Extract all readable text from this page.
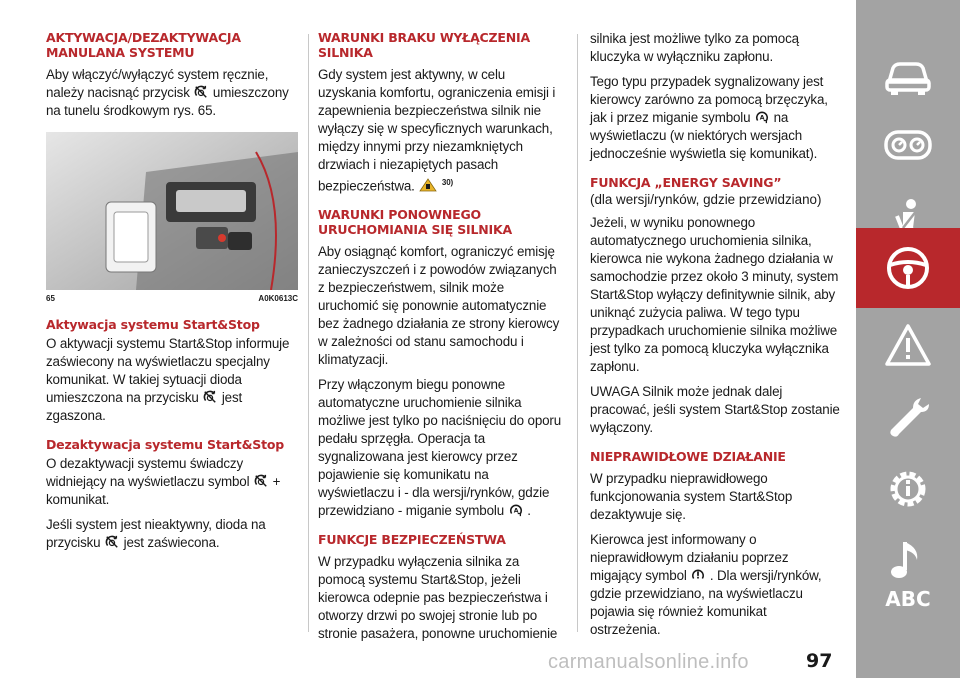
AKTYWACJA/DEZAKTYWACJA MANULANA SYSTEMU

Aby włączyć/wyłączyć system ręcznie, należy nacisnąć przycisk umieszczony na tunelu środkowym rys. 65.

65	A0K0613C
Aktywacja systemu Start&Stop

O aktywacji systemu Start&Stop informuje zaświecony na wyświetlaczu specjalny komunikat. W takiej sytuacji dioda umieszczona na przycisku jest zgaszona.

Dezaktywacja systemu Start&Stop

O dezaktywacji systemu świadczy widniejący na wyświetlaczu symbol + komunikat.

Jeśli system jest nieaktywny, dioda na przycisku jest zaświecona.

WARUNKI BRAKU WYŁĄCZENIA SILNIKA

Gdy system jest aktywny, w celu uzyskania komfortu, ograniczenia emisji i zapewnienia bezpieczeństwa silnik nie wyłączy się w specyficznych warunkach, między innymi przy niezamkniętych drzwiach i niezapiętych pasach bezpieczeństwa.	$^{30)}$

WARUNKI PONOWNEGO URUCHOMIANIA SIĘ SILNIKA

Aby osiągnąć komfort, ograniczyć emisję zanieczyszczeń i z powodów związanych z bezpieczeństwem, silnik może uruchomić się ponownie automatycznie bez żadnego działania ze strony kierowcy w zależności od stanu samochodu i klimatyzacji.

Przy włączonym biegu ponowne automatyczne uruchomienie silnika możliwe jest tylko po naciśnięciu do oporu pedału sprzęgła. Operacja ta sygnalizowana jest kierowcy przez pojawienie się komunikatu na wyświetlaczu i - dla wersji/rynków, gdzie przewidziano - miganie symbolu A .

FUNKCJE BEZPIECZEŃSTWA

W przypadku wyłączenia silnika za pomocą systemu Start&Stop, jeżeli kierowca odepnie pas bezpieczeństwa i otworzy drzwi po swojej stronie lub po stronie pasażera, ponowne uruchomienie

silnika jest możliwe tylko za pomocą kluczyka w wyłączniku zapłonu.

Tego typu przypadek sygnalizowany jest kierowcy zarówno za pomocą brzęczyka, jak i przez miganie symbolu A na wyświetlaczu (w niektórych wersjach jednocześnie wyświetla się komunikat).

FUNKCJA „ENERGY SAVING”
(dla wersji/rynków, gdzie przewidziano)

Jeżeli, w wyniku ponownego automatycznego uruchomienia silnika, kierowca nie wykona żadnego działania w samochodzie przez około 3 minuty, system Start&Stop wyłączy definitywnie silnik, aby uniknąć zużycia paliwa. W tego typu przypadkach uruchomienie silnika możliwe jest tylko za pomocą kluczyka wyłącznika zapłonu.

UWAGA Silnik może jednak dalej pracować, jeśli system Start&Stop zostanie wyłączony.

NIEPRAWIDŁOWE DZIAŁANIE

W przypadku nieprawidłowego funkcjonowania system Start&Stop dezaktywuje się.

Kierowca jest informowany o nieprawidłowym działaniu poprzez migający symbol . Dla wersji/rynków, gdzie przewidziano, na wyświetlaczu pojawia się również komunikat ostrzeżenia.

ABC
carmanualsonline.info	97
